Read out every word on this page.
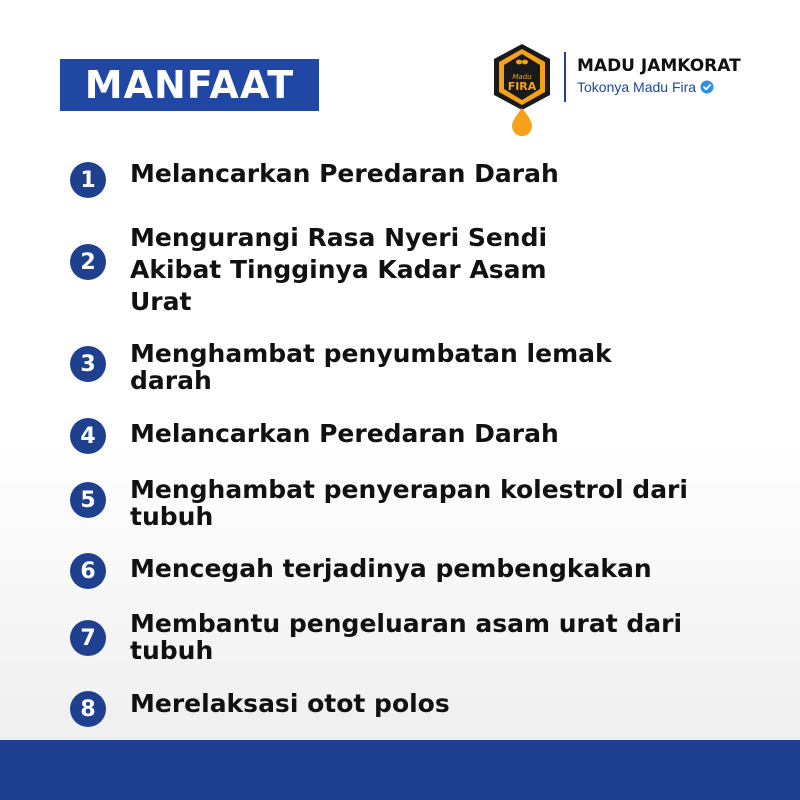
MANFAAT	Madu
FIRA
MADU JAMKORAT
Tokonya Madu Fira
1	Melancarkan Peredaran Darah
2
Mengurangi Rasa Nyeri Sendi
Akibat Tingginya Kadar Asam
Urat
3	Menghambat penyumbatan lemak
darah
4	Melancarkan Peredaran Darah
5	Menghambat penyerapan kolestrol dari
tubuh
6	Mencegah terjadinya pembengkakan
7	Membantu pengeluaran asam urat dari
tubuh
8	Merelaksasi otot polos
